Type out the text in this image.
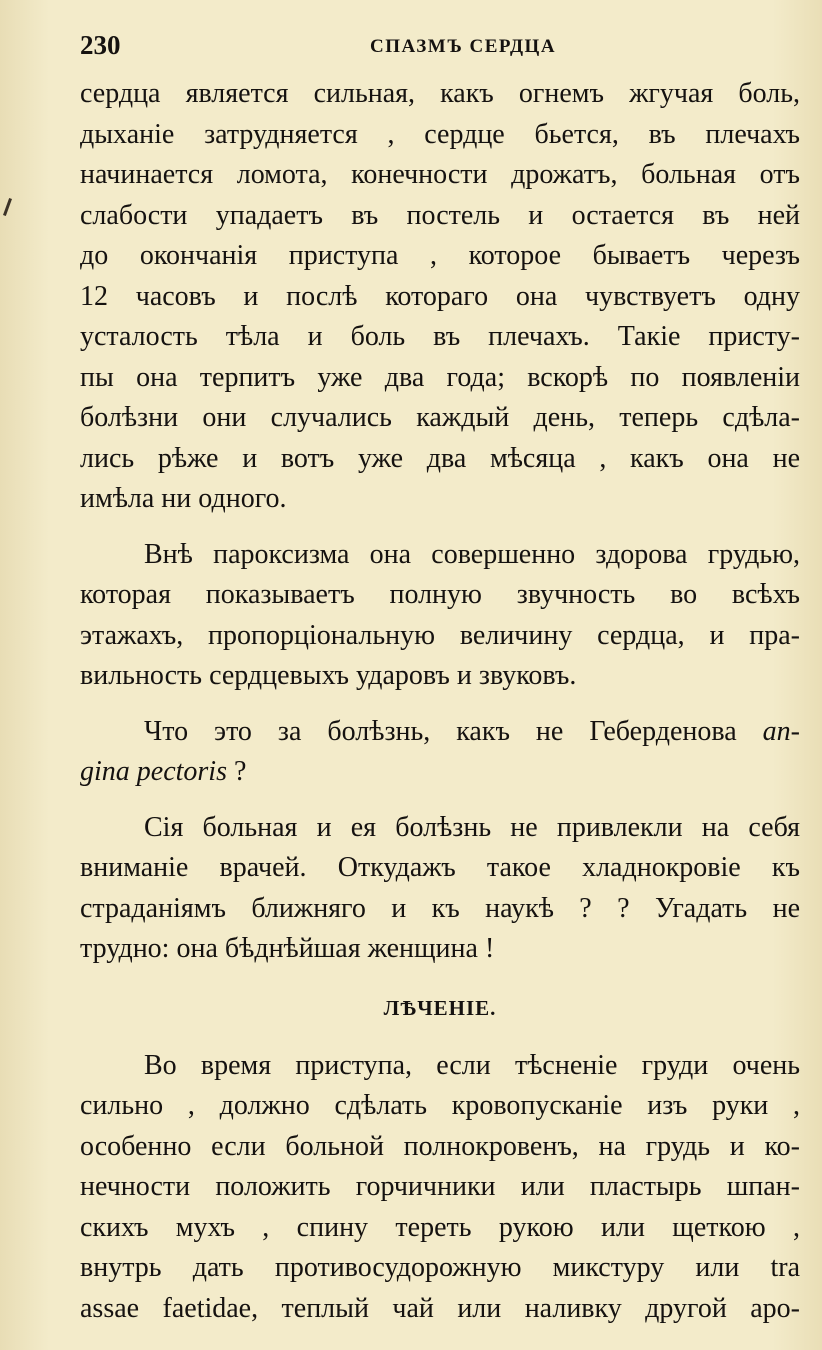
230	СПАЗМЪ СЕРДЦА

сердца является сильная, какъ огнемъ жгучая боль,
дыханіе затрудняется , сердце бьется, въ плечахъ
начинается ломота, конечности дрожатъ, больная отъ
слабости упадаетъ въ постель и остается въ ней
до окончанія приступа , которое бываетъ черезъ
12 часовъ и послѣ котораго она чувствуетъ одну
усталость тѣла и боль въ плечахъ. Такіе присту-
пы она терпитъ уже два года; вскорѣ по появленіи
болѣзни они случались каждый день, теперь сдѣла-
лись рѣже и вотъ уже два мѣсяца , какъ она не
имѣла ни одного.

Внѣ пароксизма она совершенно здорова грудью,
которая показываетъ полную звучность во всѣхъ
этажахъ, пропорціональную величину сердца, и пра-
вильность сердцевыхъ ударовъ и звуковъ.

Что это за болѣзнь, какъ не Геберденова an-
gina pectoris ?

Сія больная и ея болѣзнь не привлекли на себя
вниманіе врачей. Откудажъ такое хладнокровіе къ
страданіямъ ближняго и къ наукѣ ? ? Угадать не
трудно: она бѣднѣйшая женщина !

ЛѢЧЕНІЕ.

Во время приступа, если тѣсненіе груди очень
сильно , должно сдѣлать кровопусканіе изъ руки ,
особенно если больной полнокровенъ, на грудь и ко-
нечности положить горчичники или пластырь шпан-
скихъ мухъ , спину тереть рукою или щеткою ,
внутрь дать противосудорожную микстуру или tra
assae faetidae, теплый чай или наливку другой аро-
